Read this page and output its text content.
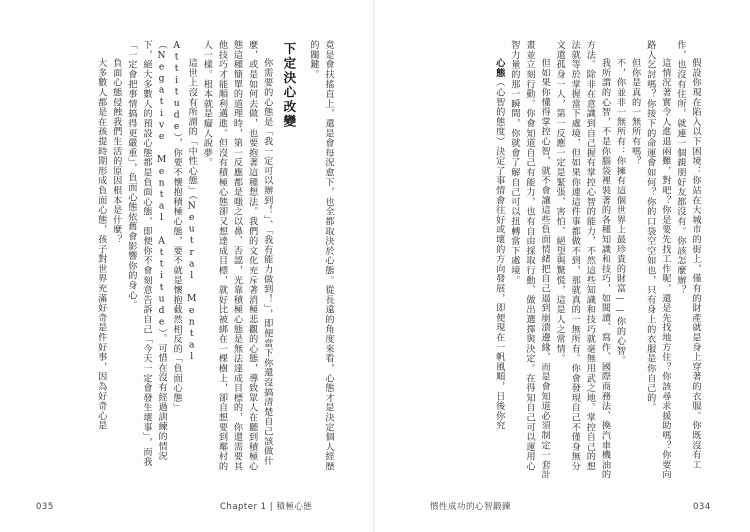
竟是會扶搖直上，還是會每況愈下，也全都取決於心態。從長遠的角度來看，心態才是決定個人經歷的關鍵。

下定決心改變

你需要的心態是「我一定可以辦到！」、「我有能力做到！」，即便當下你還沒搞清楚自己該做什麼，或是如何去做，也要抱著這種想法。我們的文化充斥著消極悲觀的心態，導致眾人在聽到積極心態這種簡單的道理時，第一反應都是嗤之以鼻、否認，光靠積極心態是無法達成目標的，你還需要其他技巧才能順利邁進。但沒有積極心態卻又想達成目標，就好比被綁在一棵樹上，卻自想要到鄰村的人一樣。根本就是癡人說夢。

這世上沒有所謂的「中性心態」（Neutral Mental Attitude），你要不懷抱積極心態，要不就是懷抱截然相反的「負面心態」（Negative Mental Attitude）。可惜在沒有經過訓練的情況下，絕大多數人的預設心態都是負面心態，即便你不會刻意告訴自己「今天一定會發生壞事」，而我「一定會把事情搞得更嚴重」，負面心態依舊會影響你的身心。

負面心態侵蝕我們生活的原因根本是什麼？

大多數人都是在孩提時期形成負面心態，孩子對世界充滿好奇是件好事，因為好奇心是

035	Chapter 1 | 積極心態

假設你現在陷入以下困境：你站在大城市的街上，僅有的財產就是身上穿著的衣服。你既沒有工作，也沒有住所，就連一個親朋好友都沒有。你該怎麼辦？

這情況著實令人進退兩難，對吧？你是要先找工作呢，還是先找地方住？你該尋求援助嗎？你要向路人乞討嗎？你接下的命運會如何？你的口袋空空如也，只有身上的衣服是你自己的。

但你是真的一無所有嗎？

不，你並非一無所有：你擁有這個世界上最珍貴的財富——你的心智。

我所謂的心智，不是你腦袋裡裝著的各種知識和技巧，如閱讀、寫作、國際商務法、換汽車機油的方法。除非在意識到自己握有掌控心智的能力，不然這些知識和技巧就毫無用武之地。掌控自己的想法就等於掌握當下處境，但如果你連這件事都做不到，那就真的一無所有。你會發現自己不僅身無分文還孤身一人，第一反應一定是緊張、害怕、絕望與驚慌，這是人之常情。

但如果你懂得掌控心智，就不會讓這些負面情緒把自己逼到崩潰邊緣，而是會知道必須制定一套計畫並立刻行動。你會知道自己有能力，也有自由採取行動、做出選擇與決定。在得知自己可以運用心智力量的那一瞬間，你就會了解自己可以扭轉當下處境。

心態（心智的態度）決定了事情會往好或壞的方向發展，即便現在一帆風順，日後你究

慣性成功的心智鍛鍊	034
